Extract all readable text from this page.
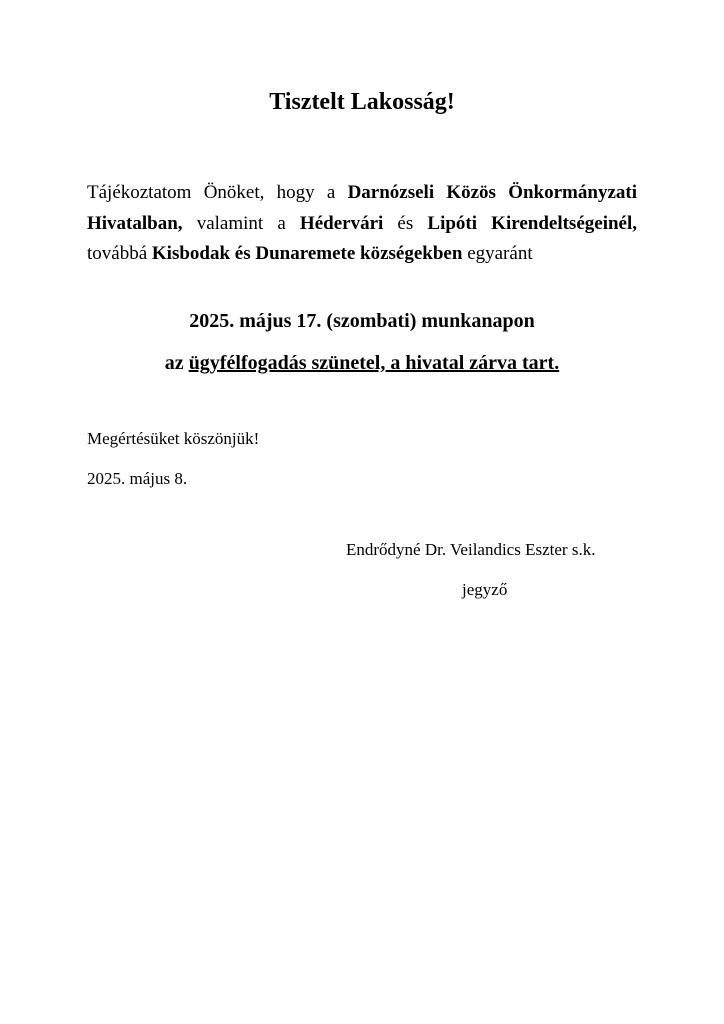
Tisztelt Lakosság!

Tájékoztatom Önöket, hogy a Darnózseli Közös Önkormányzati Hivatalban, valamint a Hédervári és Lipóti Kirendeltségeinél, továbbá Kisbodak és Dunaremete községekben egyaránt

2025. május 17. (szombati) munkanapon
az ügyfélfogadás szünetel, a hivatal zárva tart.
Megértésüket köszönjük!
2025. május 8.
Endrődyné Dr. Veilandics Eszter s.k.
jegyző
